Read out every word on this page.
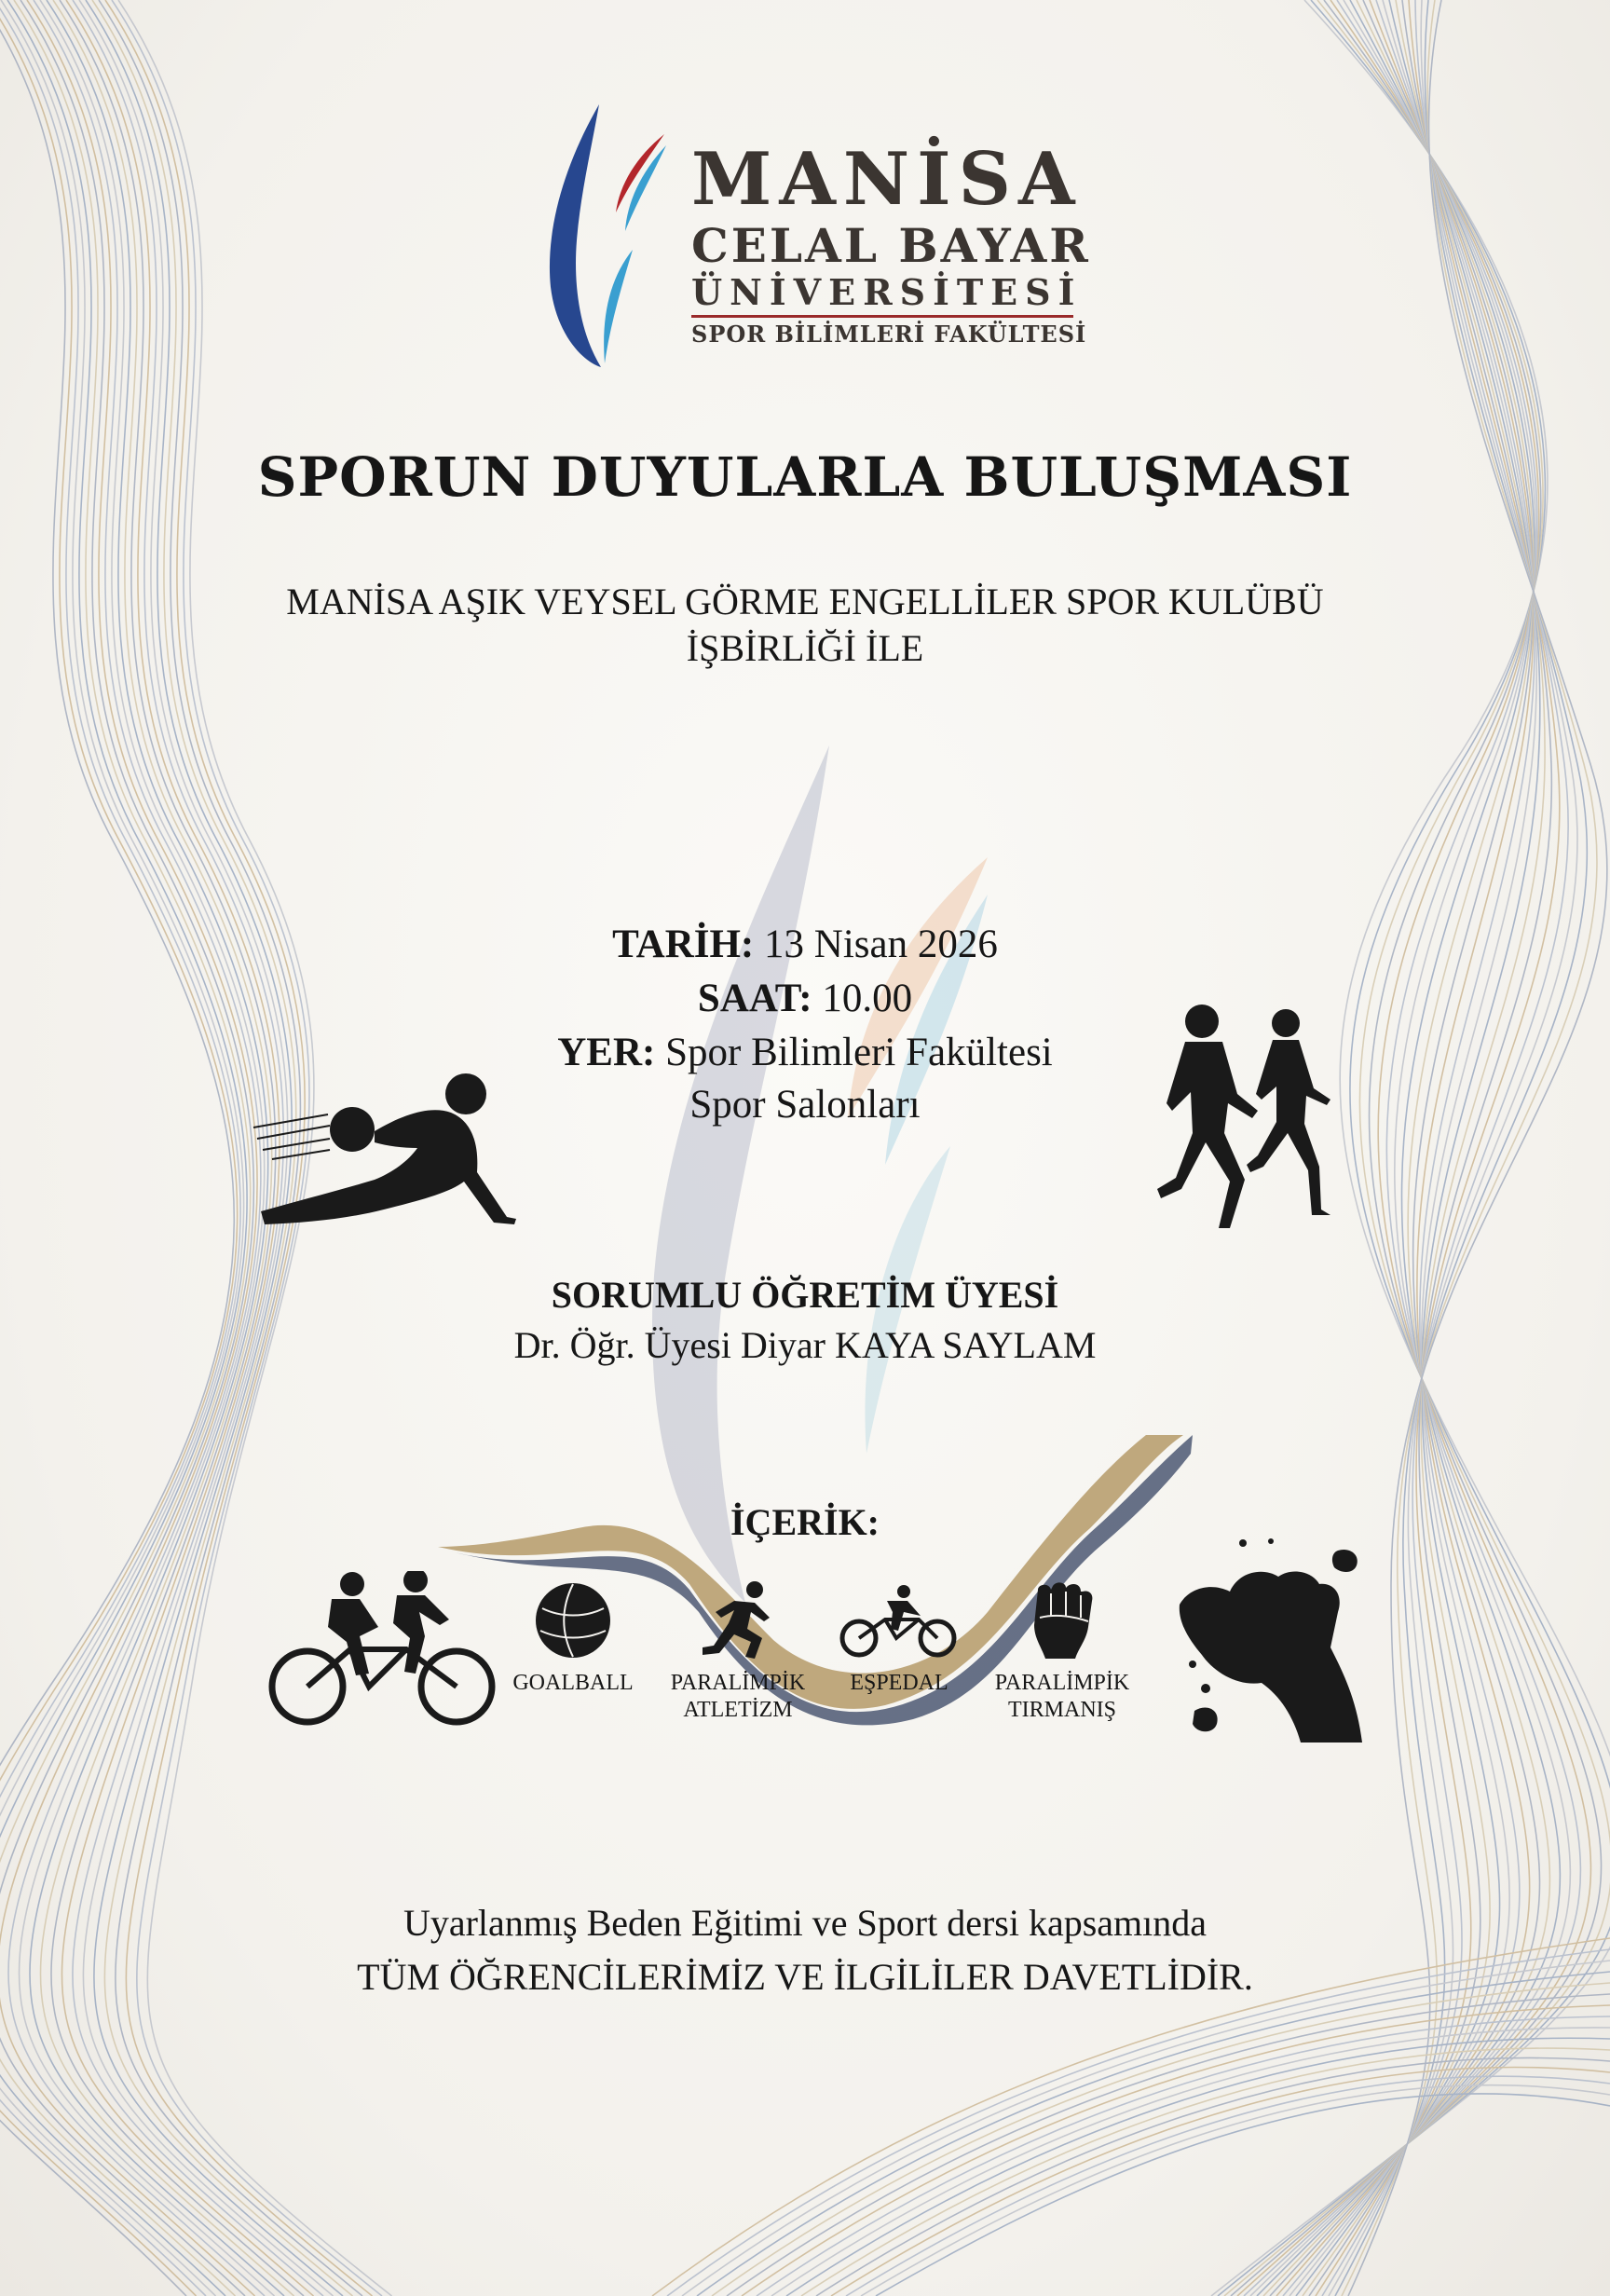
MANİSA
CELAL BAYAR
ÜNİVERSİTESİ
SPOR BİLİMLERİ FAKÜLTESİ
SPORUN DUYULARLA BULUŞMASI
MANİSA AŞIK VEYSEL GÖRME ENGELLİLER SPOR KULÜBÜ
İŞBİRLİĞİ İLE
TARİH: 13 Nisan 2026
SAAT: 10.00
YER: Spor Bilimleri Fakültesi
Spor Salonları
SORUMLU ÖĞRETİM ÜYESİ
Dr. Öğr. Üyesi Diyar KAYA SAYLAM
İÇERİK:
GOALBALL	PARALİMPİK
ATLETİZM
EŞPEDAL	PARALİMPİK
TIRMANIŞ
Uyarlanmış Beden Eğitimi ve Sport dersi kapsamında
TÜM ÖĞRENCİLERİMİZ VE İLGİLİLER DAVETLİDİR.
